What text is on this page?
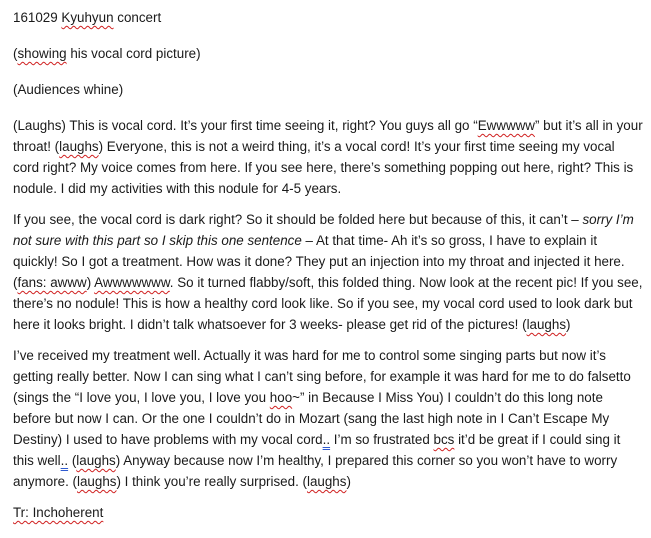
161029 Kyuhyun concert

(showing his vocal cord picture)

(Audiences whine)

(Laughs) This is vocal cord. It’s your first time seeing it, right? You guys all go “Ewwwww” but it’s all in your throat! (laughs) Everyone, this is not a weird thing, it’s a vocal cord! It’s your first time seeing my vocal cord right? My voice comes from here. If you see here, there’s something popping out here, right? This is nodule. I did my activities with this nodule for 4-5 years.

If you see, the vocal cord is dark right? So it should be folded here but because of this, it can’t – sorry I’m not sure with this part so I skip this one sentence – At that time- Ah it’s so gross, I have to explain it quickly! So I got a treatment. How was it done? They put an injection into my throat and injected it here. (fans: awww) Awwwwwww. So it turned flabby/soft, this folded thing. Now look at the recent pic! If you see, there’s no nodule! This is how a healthy cord look like. So if you see, my vocal cord used to look dark but here it looks bright. I didn’t talk whatsoever for 3 weeks- please get rid of the pictures! (laughs)

I’ve received my treatment well. Actually it was hard for me to control some singing parts but now it’s getting really better. Now I can sing what I can’t sing before, for example it was hard for me to do falsetto (sings the “I love you, I love you, I love you hoo~” in Because I Miss You) I couldn’t do this long note before but now I can. Or the one I couldn’t do in Mozart (sang the last high note in I Can’t Escape My Destiny) I used to have problems with my vocal cord.. I’m so frustrated bcs it’d be great if I could sing it this well.. (laughs) Anyway because now I’m healthy, I prepared this corner so you won’t have to worry anymore. (laughs) I think you’re really surprised. (laughs)

Tr: Inchoherent
